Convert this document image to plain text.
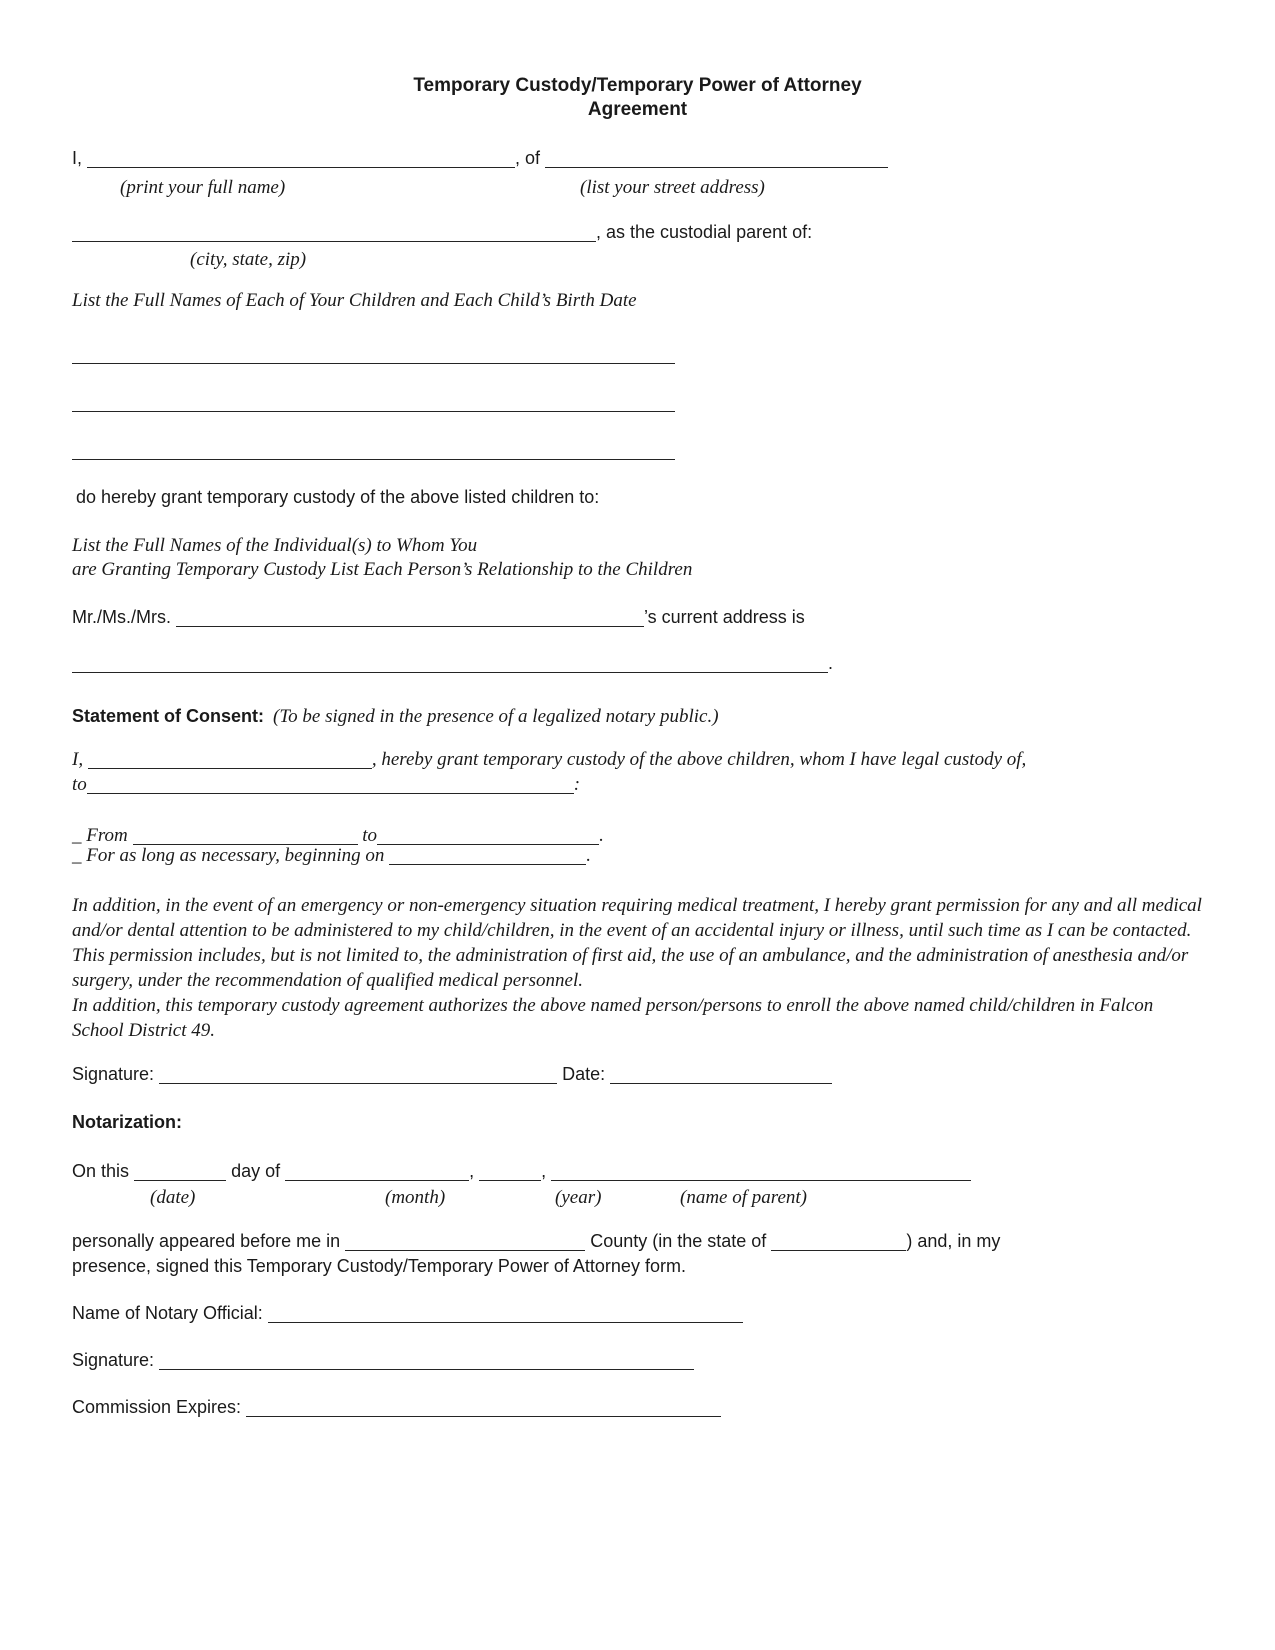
Temporary Custody/Temporary Power of Attorney
Agreement
I,	, of
(print your full name)	(list your street address)
, as the custodial parent of:
(city, state, zip)
List the Full Names of Each of Your Children and Each Child’s Birth Date
do hereby grant temporary custody of the above listed children to:
List the Full Names of the Individual(s) to Whom You
are Granting Temporary Custody List Each Person’s Relationship to the Children
Mr./Ms./Mrs.	’s current address is
.
Statement of Consent: (To be signed in the presence of a legalized notary public.)
I,	, hereby grant temporary custody of the above children, whom I have legal custody of,
to	:
_ From	to	.
_ For as long as necessary, beginning on	.
In addition, in the event of an emergency or non-emergency situation requiring medical treatment, I hereby grant permission for any and all medical and/or dental attention to be administered to my child/children, in the event of an accidental injury or illness, until such time as I can be contacted. This permission includes, but is not limited to, the administration of first aid, the use of an ambulance, and the administration of anesthesia and/or surgery, under the recommendation of qualified medical personnel.
In addition, this temporary custody agreement authorizes the above named person/persons to enroll the above named child/children in Falcon School District 49.
Signature:	Date:
Notarization:
On this	day of	,	,
(date)	(month)	(year)	(name of parent)
personally appeared before me in	County (in the state of	) and, in my
presence, signed this Temporary Custody/Temporary Power of Attorney form.
Name of Notary Official:
Signature:
Commission Expires:
